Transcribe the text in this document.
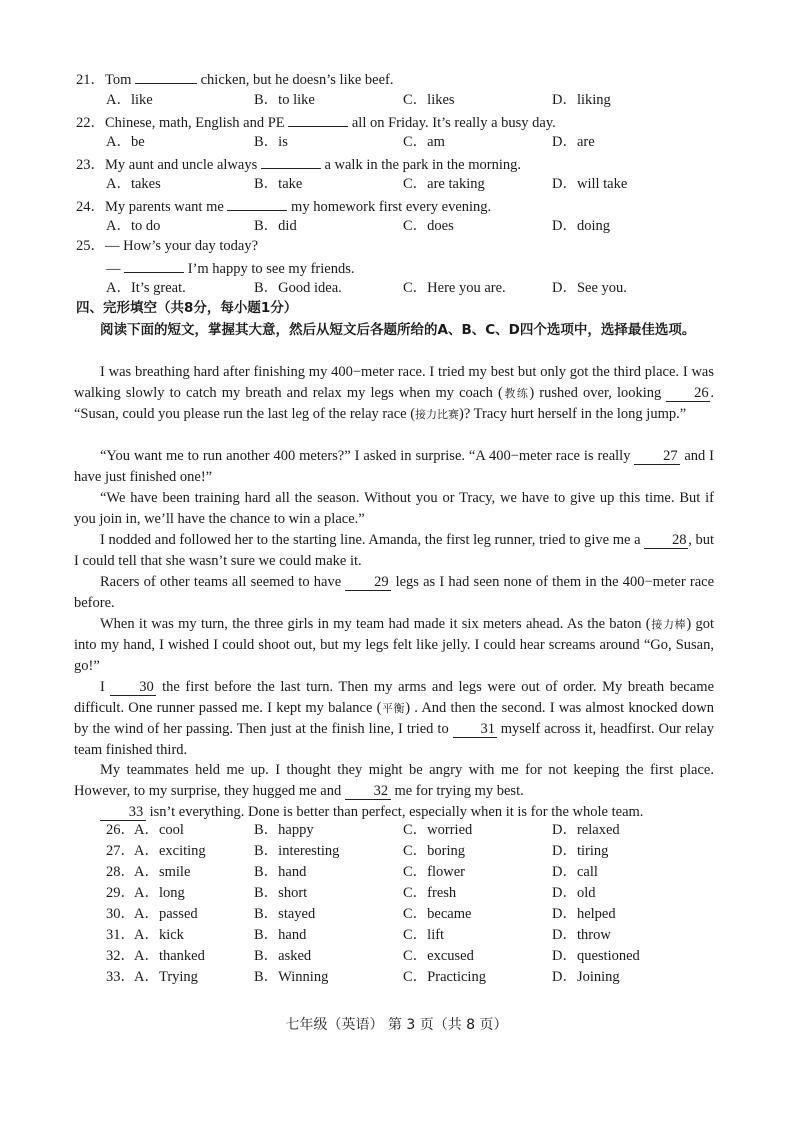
21．Tom	chicken, but he doesn’s like beef.
A．like	B．to like	C．likes	D．liking
22．Chinese, math, English and PE	all on Friday. It’s really a busy day.
A．be	B．is	C．am	D．are
23．My aunt and uncle always	a walk in the park in the morning.
A．takes	B．take	C．are taking	D．will take
24．My parents want me	my homework first every evening.
A．to do	B．did	C．does	D．doing
25．— How’s your day today?
—	I’m happy to see my friends.
A．It’s great.	B．Good idea.	C．Here you are.	D．See you.
四、完形填空（共8分，每小题1分）
阅读下面的短文，掌握其大意，然后从短文后各题所给的A、B、C、D四个选项中，选择最佳选项。
I was breathing hard after finishing my 400−meter race. I tried my best but only got the third place. I was walking slowly to catch my breath and relax my legs when my coach (教练) rushed over, looking 26 . “Susan, could you please run the last leg of the relay race (接力比赛)? Tracy hurt herself in the long jump.”
“You want me to run another 400 meters?” I asked in surprise. “A 400−meter race is really 27 and I have just finished one!”
“We have been training hard all the season. Without you or Tracy, we have to give up this time. But if you join in, we’ll have the chance to win a place.”
I nodded and followed her to the starting line. Amanda, the first leg runner, tried to give me a 28 , but I could tell that she wasn’t sure we could make it.
Racers of other teams all seemed to have 29 legs as I had seen none of them in the 400−meter race before.
When it was my turn, the three girls in my team had made it six meters ahead. As the baton (接力棒) got into my hand, I wished I could shoot out, but my legs felt like jelly. I could hear screams around “Go, Susan, go!”
I 30 the first before the last turn. Then my arms and legs were out of order. My breath became difficult. One runner passed me. I kept my balance (平衡) . And then the second. I was almost knocked down by the wind of her passing. Then just at the finish line, I tried to 31 myself across it, headfirst. Our relay team finished third.
My teammates held me up. I thought they might be angry with me for not keeping the first place. However, to my surprise, they hugged me and 32 me for trying my best.
33 isn’t everything. Done is better than perfect, especially when it is for the whole team.
26． A．cool	B．happy	C．worried	D．relaxed
27． A．exciting	B．interesting	C．boring	D．tiring
28． A．smile	B．hand	C．flower	D．call
29． A．long	B．short	C．fresh	D．old
30． A．passed	B．stayed	C．became	D．helped
31． A．kick	B．hand	C．lift	D．throw
32． A．thanked	B．asked	C．excused	D．questioned
33． A．Trying	B．Winning	C．Practicing	D．Joining
七年级（英语） 第 3 页（共 8 页）
